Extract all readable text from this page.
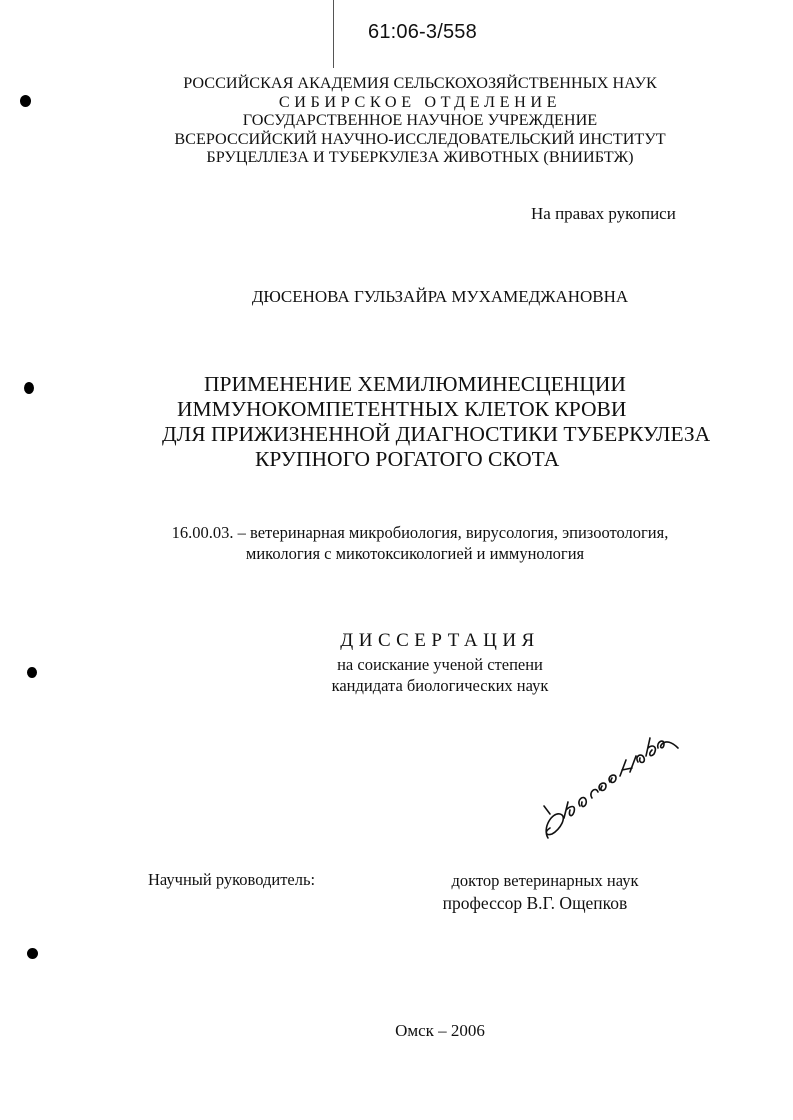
61:06-3/558
РОССИЙСКАЯ АКАДЕМИЯ СЕЛЬСКОХОЗЯЙСТВЕННЫХ НАУК
СИБИРСКОЕ ОТДЕЛЕНИЕ
ГОСУДАРСТВЕННОЕ НАУЧНОЕ УЧРЕЖДЕНИЕ
ВСЕРОССИЙСКИЙ НАУЧНО-ИССЛЕДОВАТЕЛЬСКИЙ ИНСТИТУТ
БРУЦЕЛЛЕЗА И ТУБЕРКУЛЕЗА ЖИВОТНЫХ (ВНИИБТЖ)
На правах рукописи
ДЮСЕНОВА ГУЛЬЗАЙРА МУХАМЕДЖАНОВНА
ПРИМЕНЕНИЕ ХЕМИЛЮМИНЕСЦЕНЦИИ
ИММУНОКОМПЕТЕНТНЫХ КЛЕТОК КРОВИ
ДЛЯ ПРИЖИЗНЕННОЙ ДИАГНОСТИКИ ТУБЕРКУЛЕЗА
КРУПНОГО РОГАТОГО СКОТА
16.00.03. – ветеринарная микробиология, вирусология, эпизоотология,
микология с микотоксикологией и иммунология
ДИССЕРТАЦИЯ
на соискание ученой степени
кандидата биологических наук
Научный руководитель:	доктор ветеринарных наук
профессор В.Г. Ощепков
Омск – 2006
